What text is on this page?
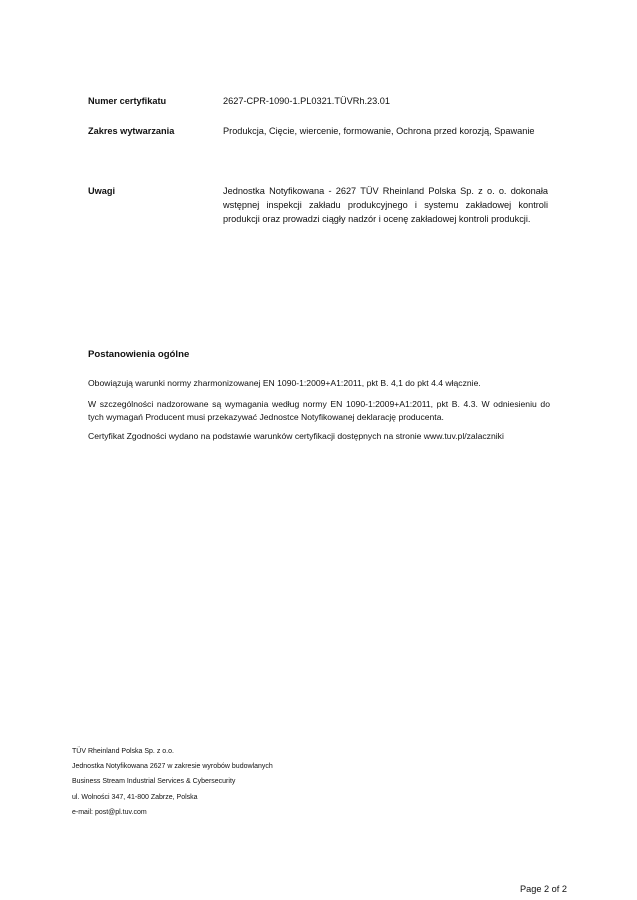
Numer certyfikatu	2627-CPR-1090-1.PL0321.TÜVRh.23.01
Zakres wytwarzania	Produkcja, Cięcie, wiercenie, formowanie, Ochrona przed korozją, Spawanie
Uwagi	Jednostka Notyfikowana - 2627 TÜV Rheinland Polska Sp. z o. o. dokonała wstępnej inspekcji zakładu produkcyjnego i systemu zakładowej kontroli produkcji oraz prowadzi ciągły nadzór i ocenę zakładowej kontroli produkcji.
Postanowienia ogólne
Obowiązują warunki normy zharmonizowanej EN 1090-1:2009+A1:2011, pkt B. 4,1 do pkt 4.4 włącznie.
W szczególności nadzorowane są wymagania według normy EN 1090-1:2009+A1:2011, pkt B. 4.3. W odniesieniu do tych wymagań Producent musi przekazywać Jednostce Notyfikowanej deklarację producenta.
Certyfikat Zgodności wydano na podstawie warunków certyfikacji dostępnych na stronie www.tuv.pl/zalaczniki
TÜV Rheinland Polska Sp. z o.o.
Jednostka Notyfikowana 2627 w zakresie wyrobów budowlanych
Business Stream Industrial Services & Cybersecurity
ul. Wolności 347, 41-800 Zabrze, Polska
e-mail: post@pl.tuv.com
Page 2 of 2
